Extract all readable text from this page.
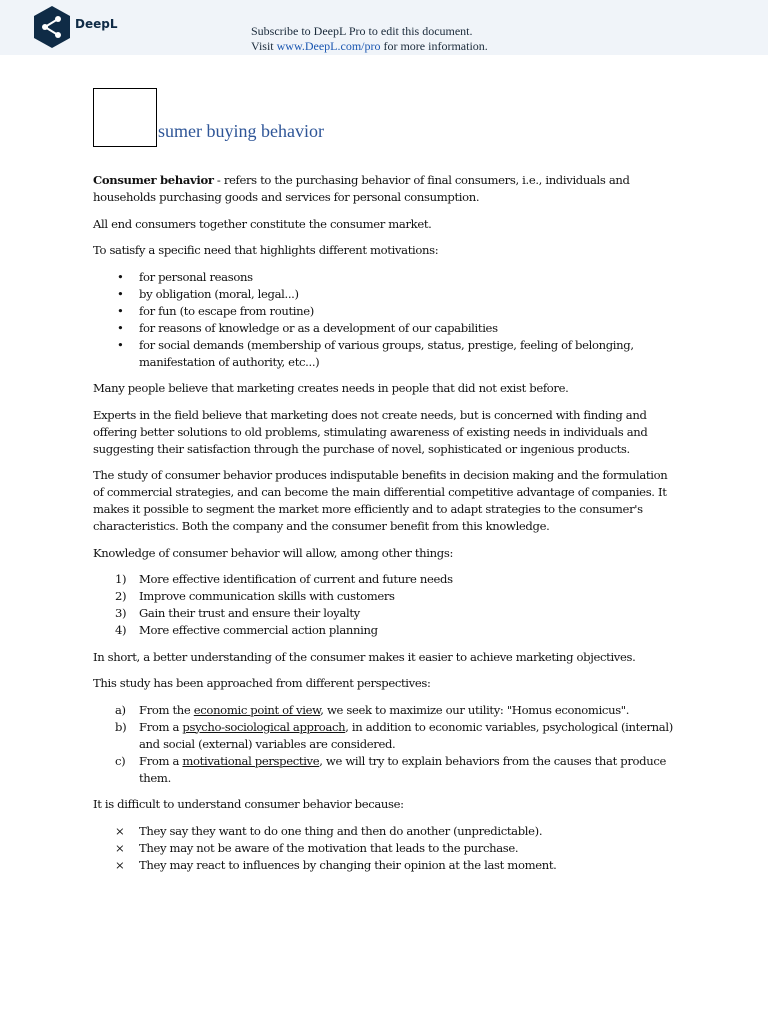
DeepL	Subscribe to DeepL Pro to edit this document.
Visit www.DeepL.com/pro for more information.
sumer buying behavior

Consumer behavior - refers to the purchasing behavior of final consumers, i.e., individuals and households purchasing goods and services for personal consumption.

All end consumers together constitute the consumer market.

To satisfy a specific need that highlights different motivations:

• for personal reasons
• by obligation (moral, legal...)
• for fun (to escape from routine)
• for reasons of knowledge or as a development of our capabilities
• for social demands (membership of various groups, status, prestige, feeling of belonging, manifestation of authority, etc...)

Many people believe that marketing creates needs in people that did not exist before.

Experts in the field believe that marketing does not create needs, but is concerned with finding and offering better solutions to old problems, stimulating awareness of existing needs in individuals and suggesting their satisfaction through the purchase of novel, sophisticated or ingenious products.

The study of consumer behavior produces indisputable benefits in decision making and the formulation of commercial strategies, and can become the main differential competitive advantage of companies. It makes it possible to segment the market more efficiently and to adapt strategies to the consumer's characteristics. Both the company and the consumer benefit from this knowledge.

Knowledge of consumer behavior will allow, among other things:

1) More effective identification of current and future needs
2) Improve communication skills with customers
3) Gain their trust and ensure their loyalty
4) More effective commercial action planning

In short, a better understanding of the consumer makes it easier to achieve marketing objectives.

This study has been approached from different perspectives:

a) From the economic point of view, we seek to maximize our utility: "Homus economicus".
b) From a psycho-sociological approach, in addition to economic variables, psychological (internal) and social (external) variables are considered.
c) From a motivational perspective, we will try to explain behaviors from the causes that produce them.

It is difficult to understand consumer behavior because:

× They say they want to do one thing and then do another (unpredictable).
× They may not be aware of the motivation that leads to the purchase.
× They may react to influences by changing their opinion at the last moment.
